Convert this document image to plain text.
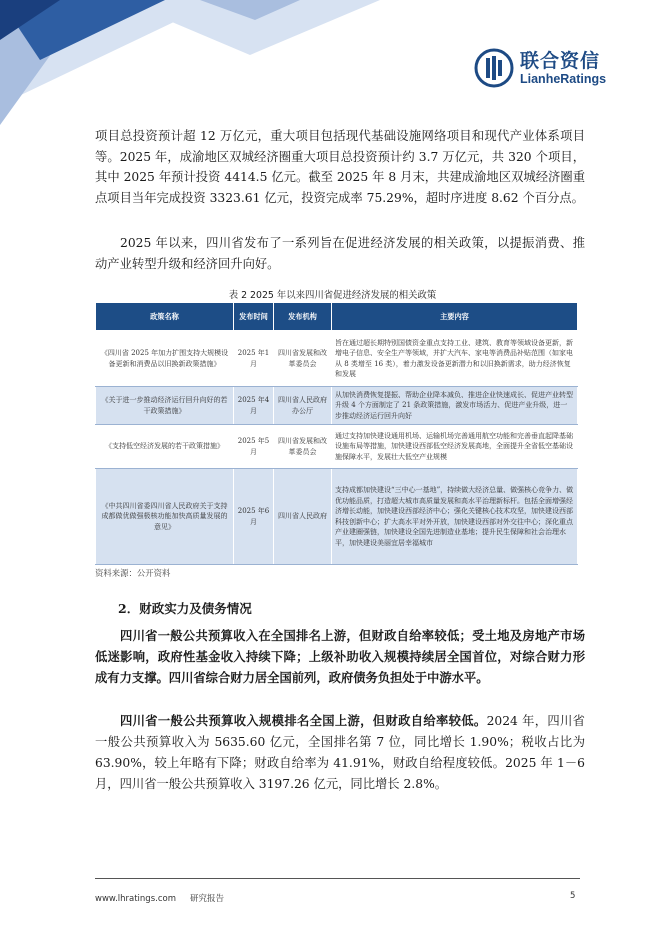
联合资信
LianheRatings

项目总投资预计超 12 万亿元，重大项目包括现代基础设施网络项目和现代产业体系项目等。2025 年，成渝地区双城经济圈重大项目总投资预计约 3.7 万亿元，共 320 个项目，其中 2025 年预计投资 4414.5 亿元。截至 2025 年 8 月末，共建成渝地区双城经济圈重点项目当年完成投资 3323.61 亿元，投资完成率 75.29%，超时序进度 8.62 个百分点。

2025 年以来，四川省发布了一系列旨在促进经济发展的相关政策，以提振消费、推动产业转型升级和经济回升向好。

表 2 2025 年以来四川省促进经济发展的相关政策
政策名称	发布时间	发布机构	主要内容
《四川省 2025 年加力扩围支持大规模设备更新和消费品以旧换新政策措施》	2025 年1月	四川省发展和改革委员会	旨在通过超长期特别国债资金重点支持工业、建筑、教育等领域设备更新，新增电子信息、安全生产等领域，并扩大汽车、家电等消费品补贴范围（如家电从 8 类增至 16 类），着力激发设备更新潜力和以旧换新需求，助力经济恢复和发展
《关于进一步推动经济运行回升向好的若干政策措施》	2025 年4月	四川省人民政府办公厅	从加快消费恢复提振、帮助企业降本减负、推进企业快速成长、促进产业转型升级 4 个方面制定了 21 条政策措施，激发市场活力、促进产业升级，进一步推动经济运行回升向好
《支持低空经济发展的若干政策措施》	2025 年5月	四川省发展和改革委员会	通过支持加快建设通用机场、运输机场完善通用航空功能和完善垂直起降基础设施布局等措施，加快建设西部低空经济发展高地，全面提升全省低空基础设施保障水平，发展壮大低空产业规模
《中共四川省委四川省人民政府关于支持成都做优做强极核功能加快高质量发展的意见》	2025 年6月	四川省人民政府	支持成都加快建设“三中心一基地”，持续做大经济总量、做强核心竞争力、做优功能品质，打造超大城市高质量发展和高水平治理新标杆。包括全面增强经济增长动能，加快建设西部经济中心；强化关键核心技术攻坚，加快建设西部科技创新中心；扩大高水平对外开放，加快建设西部对外交往中心；深化重点产业建圈强链，加快建设全国先进制造业基地；提升民生保障和社会治理水平，加快建设美丽宜居幸福城市
资料来源：公开资料
2．财政实力及债务情况

四川省一般公共预算收入在全国排名上游，但财政自给率较低；受土地及房地产市场低迷影响，政府性基金收入持续下降；上级补助收入规模持续居全国首位，对综合财力形成有力支撑。四川省综合财力居全国前列，政府债务负担处于中游水平。

四川省一般公共预算收入规模排名全国上游，但财政自给率较低。2024 年，四川省一般公共预算收入为 5635.60 亿元，全国排名第 7 位，同比增长 1.90%；税收占比为 63.90%，较上年略有下降；财政自给率为 41.91%，财政自给程度较低。2025 年 1－6 月，四川省一般公共预算收入 3197.26 亿元，同比增长 2.8%。

www.lhratings.com 研究报告	5
